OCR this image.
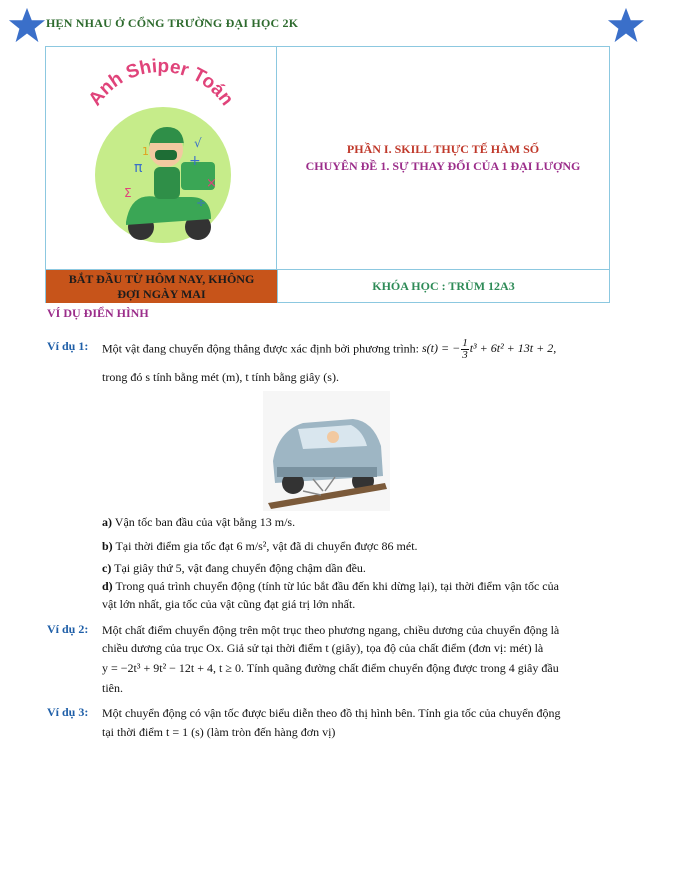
HẸN NHAU Ở CỔNG TRƯỜNG ĐẠI HỌC 2K
Anh Shiper Toán
π
√
Σ
×
÷
1
+
PHẦN I. SKILL THỰC TẾ HÀM SỐ
CHUYÊN ĐỀ 1. SỰ THAY ĐỔI CỦA 1 ĐẠI LƯỢNG
BẮT ĐẦU TỪ HÔM NAY, KHÔNG ĐỢI NGÀY MAI
KHÓA HỌC : TRÙM 12A3
VÍ DỤ ĐIỂN HÌNH
Ví dụ 1: Một vật đang chuyển động thẳng được xác định bởi phương trình: s(t) = − $\frac{1}{3} t^3 + 6t^2 + 13t + 2$,
trong đó s tính bằng mét (m), t tính bằng giây (s).
a) Vận tốc ban đầu của vật bằng 13 m/s.
b) Tại thời điểm gia tốc đạt 6 m/s², vật đã di chuyển được 86 mét.
c) Tại giây thứ 5, vật đang chuyển động chậm dần đều.
d) Trong quá trình chuyển động (tính từ lúc bắt đầu đến khi dừng lại), tại thời điểm vận tốc của
vật lớn nhất, gia tốc của vật cũng đạt giá trị lớn nhất.
Ví dụ 2: Một chất điểm chuyển động trên một trục theo phương ngang, chiều dương của chuyển động là
chiều dương của trục Ox. Giả sử tại thời điểm t (giây), tọa độ của chất điểm (đơn vị: mét) là
y = −2t³ + 9t² − 12t + 4, t ≥ 0. Tính quãng đường chất điểm chuyển động được trong 4 giây đầu
tiên.
Ví dụ 3: Một chuyển động có vận tốc được biểu diễn theo đồ thị hình bên. Tính gia tốc của chuyển động
tại thời điểm t = 1 (s) (làm tròn đến hàng đơn vị)
